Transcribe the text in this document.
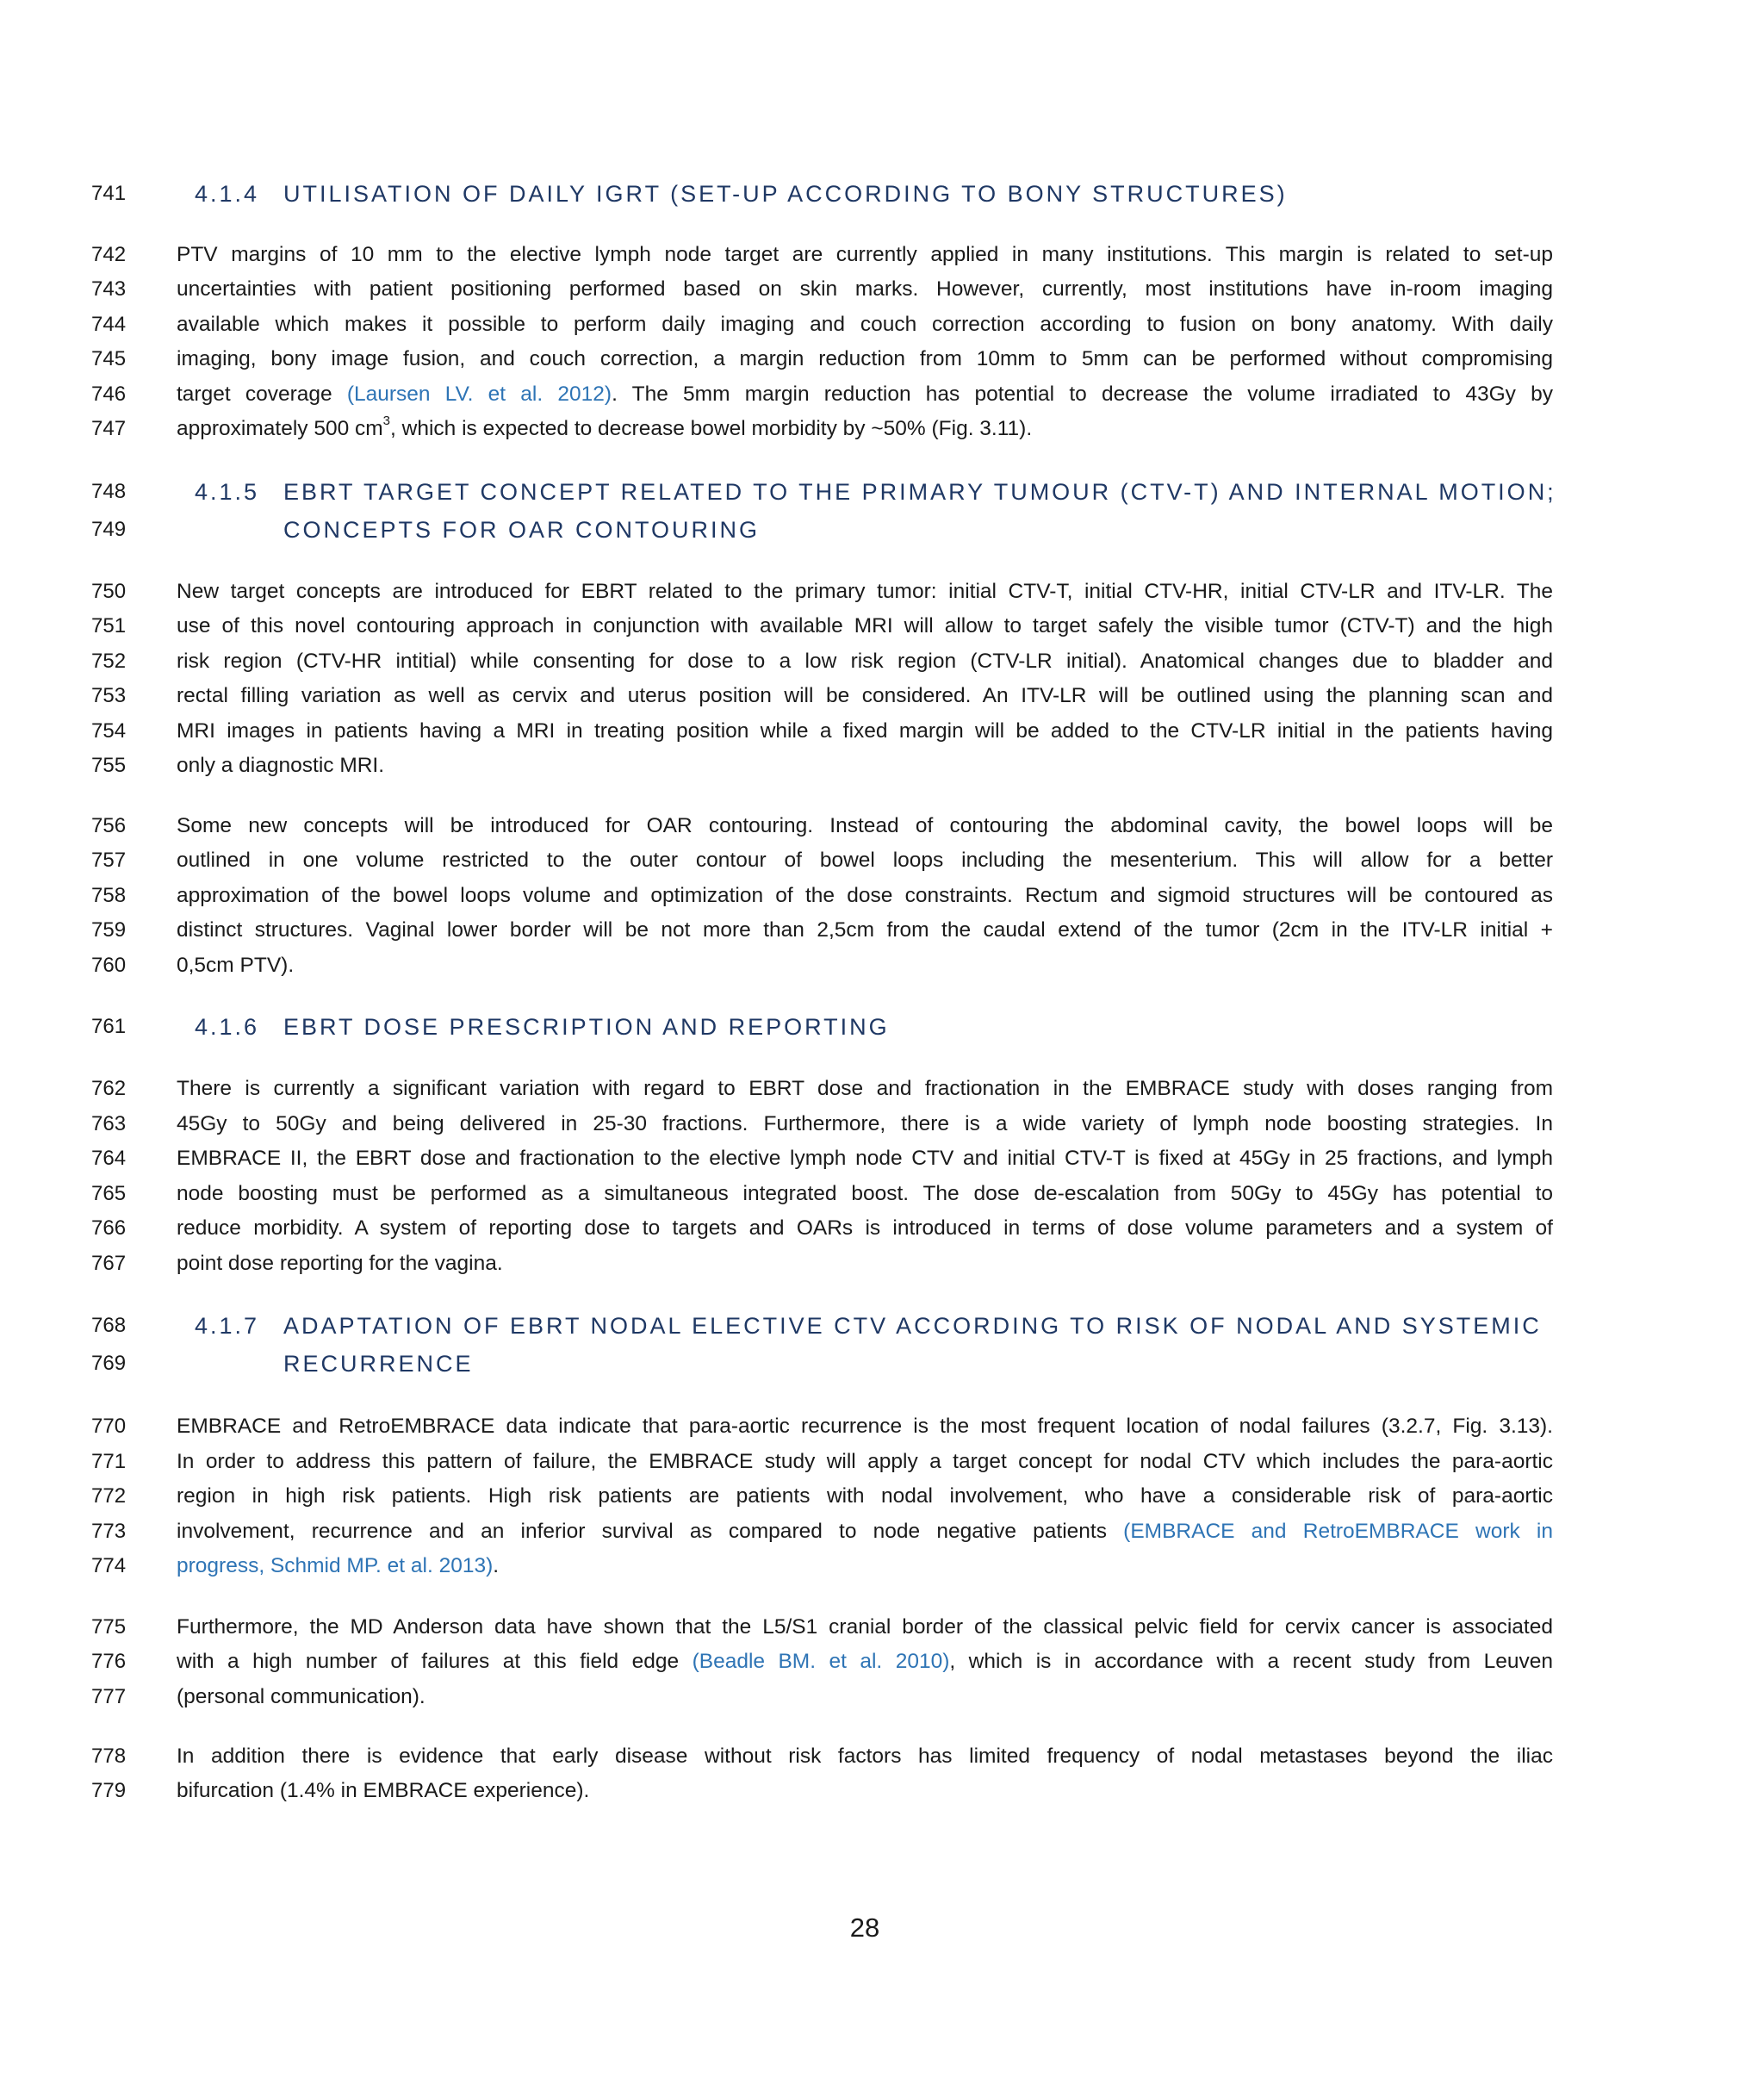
741	4.1.4 UTILISATION OF DAILY IGRT (SET-UP ACCORDING TO BONY STRUCTURES)
742	PTV margins of 10 mm to the elective lymph node target are currently applied in many institutions. This margin is related to set-up
743	uncertainties with patient positioning performed based on skin marks. However, currently, most institutions have in-room imaging
744	available which makes it possible to perform daily imaging and couch correction according to fusion on bony anatomy. With daily
745	imaging, bony image fusion, and couch correction, a margin reduction from 10mm to 5mm can be performed without compromising
746	target coverage (Laursen LV. et al. 2012). The 5mm margin reduction has potential to decrease the volume irradiated to 43Gy by
747	approximately 500 $cm^3$, which is expected to decrease bowel morbidity by ~50% (Fig. 3.11).
748	4.1.5 EBRT TARGET CONCEPT RELATED TO THE PRIMARY TUMOUR (CTV-T) AND INTERNAL MOTION;
749	CONCEPTS FOR OAR CONTOURING
750	New target concepts are introduced for EBRT related to the primary tumor: initial CTV-T, initial CTV-HR, initial CTV-LR and ITV-LR. The
751	use of this novel contouring approach in conjunction with available MRI will allow to target safely the visible tumor (CTV-T) and the high
752	risk region (CTV-HR intitial) while consenting for dose to a low risk region (CTV-LR initial). Anatomical changes due to bladder and
753	rectal filling variation as well as cervix and uterus position will be considered. An ITV-LR will be outlined using the planning scan and
754	MRI images in patients having a MRI in treating position while a fixed margin will be added to the CTV-LR initial in the patients having
755	only a diagnostic MRI.
756	Some new concepts will be introduced for OAR contouring. Instead of contouring the abdominal cavity, the bowel loops will be
757	outlined in one volume restricted to the outer contour of bowel loops including the mesenterium. This will allow for a better
758	approximation of the bowel loops volume and optimization of the dose constraints. Rectum and sigmoid structures will be contoured as
759	distinct structures. Vaginal lower border will be not more than 2,5cm from the caudal extend of the tumor (2cm in the ITV-LR initial +
760	0,5cm PTV).
761	4.1.6 EBRT DOSE PRESCRIPTION AND REPORTING
762	There is currently a significant variation with regard to EBRT dose and fractionation in the EMBRACE study with doses ranging from
763	45Gy to 50Gy and being delivered in 25-30 fractions. Furthermore, there is a wide variety of lymph node boosting strategies. In
764	EMBRACE II, the EBRT dose and fractionation to the elective lymph node CTV and initial CTV-T is fixed at 45Gy in 25 fractions, and lymph
765	node boosting must be performed as a simultaneous integrated boost. The dose de-escalation from 50Gy to 45Gy has potential to
766	reduce morbidity. A system of reporting dose to targets and OARs is introduced in terms of dose volume parameters and a system of
767	point dose reporting for the vagina.
768	4.1.7 ADAPTATION OF EBRT NODAL ELECTIVE CTV ACCORDING TO RISK OF NODAL AND SYSTEMIC
769	RECURRENCE
770	EMBRACE and RetroEMBRACE data indicate that para-aortic recurrence is the most frequent location of nodal failures (3.2.7, Fig. 3.13).
771	In order to address this pattern of failure, the EMBRACE study will apply a target concept for nodal CTV which includes the para-aortic
772	region in high risk patients. High risk patients are patients with nodal involvement, who have a considerable risk of para-aortic
773	involvement, recurrence and an inferior survival as compared to node negative patients (EMBRACE and RetroEMBRACE work in
774	progress, Schmid MP. et al. 2013).
775	Furthermore, the MD Anderson data have shown that the L5/S1 cranial border of the classical pelvic field for cervix cancer is associated
776	with a high number of failures at this field edge (Beadle BM. et al. 2010), which is in accordance with a recent study from Leuven
777	(personal communication).
778	In addition there is evidence that early disease without risk factors has limited frequency of nodal metastases beyond the iliac
779	bifurcation (1.4% in EMBRACE experience).
28
